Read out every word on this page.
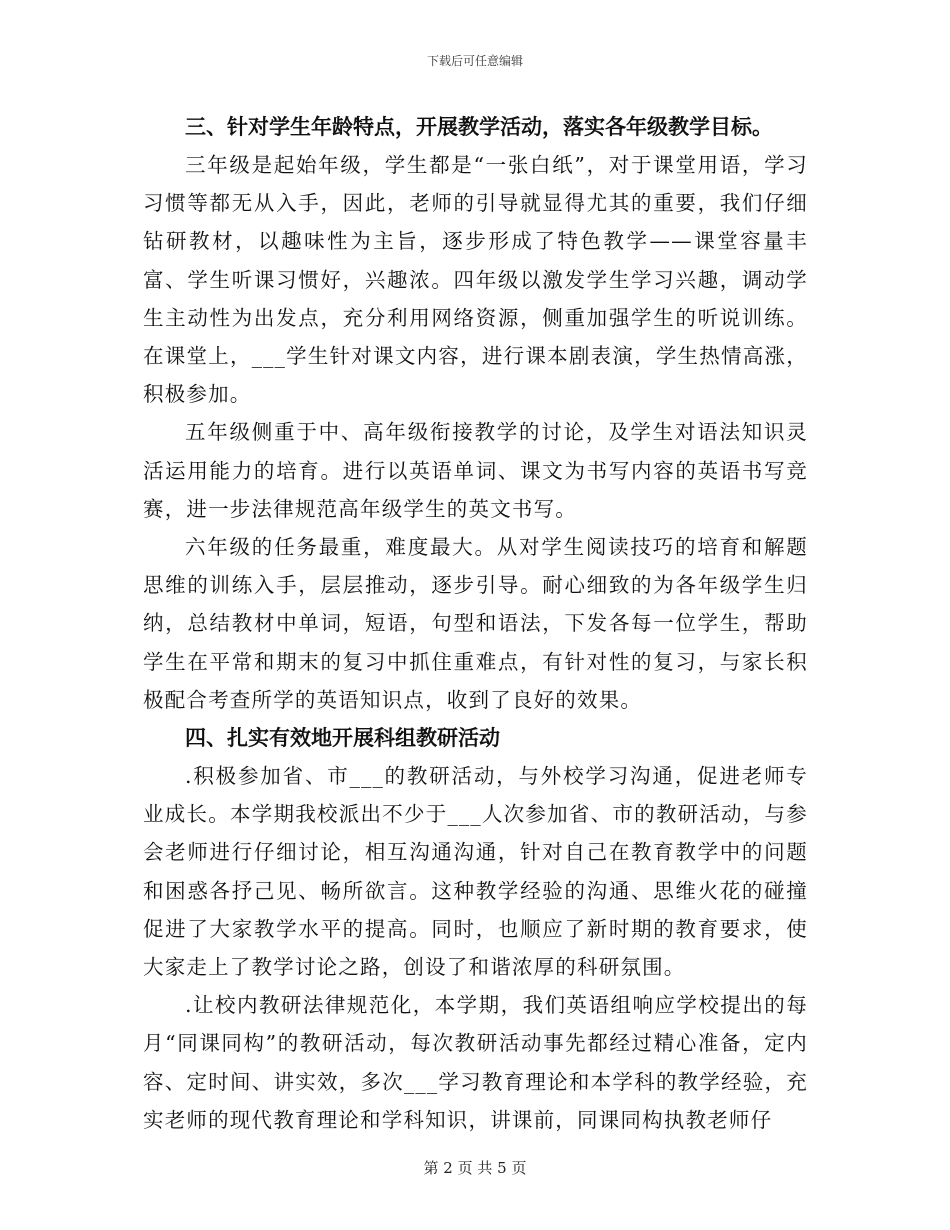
下载后可任意编辑

三、针对学生年龄特点，开展教学活动，落实各年级教学目标。

三年级是起始年级，学生都是“一张白纸”，对于课堂用语，学习习惯等都无从入手，因此，老师的引导就显得尤其的重要，我们仔细钻研教材，以趣味性为主旨，逐步形成了特色教学——课堂容量丰富、学生听课习惯好，兴趣浓。四年级以激发学生学习兴趣，调动学生主动性为出发点，充分利用网络资源，侧重加强学生的听说训练。在课堂上，___学生针对课文内容，进行课本剧表演，学生热情高涨，积极参加。

五年级侧重于中、高年级衔接教学的讨论，及学生对语法知识灵活运用能力的培育。进行以英语单词、课文为书写内容的英语书写竞赛，进一步法律规范高年级学生的英文书写。

六年级的任务最重，难度最大。从对学生阅读技巧的培育和解题思维的训练入手，层层推动，逐步引导。耐心细致的为各年级学生归纳，总结教材中单词，短语，句型和语法，下发各每一位学生，帮助学生在平常和期末的复习中抓住重难点，有针对性的复习，与家长积极配合考查所学的英语知识点，收到了良好的效果。

四、扎实有效地开展科组教研活动

.积极参加省、市___的教研活动，与外校学习沟通，促进老师专业成长。本学期我校派出不少于___人次参加省、市的教研活动，与参会老师进行仔细讨论，相互沟通沟通，针对自己在教育教学中的问题和困惑各抒己见、畅所欲言。这种教学经验的沟通、思维火花的碰撞促进了大家教学水平的提高。同时，也顺应了新时期的教育要求，使大家走上了教学讨论之路，创设了和谐浓厚的科研氛围。

.让校内教研法律规范化，本学期，我们英语组响应学校提出的每月“同课同构”的教研活动，每次教研活动事先都经过精心准备，定内容、定时间、讲实效，多次___学习教育理论和本学科的教学经验，充实老师的现代教育理论和学科知识，讲课前，同课同构执教老师仔

第 2 页 共 5 页
